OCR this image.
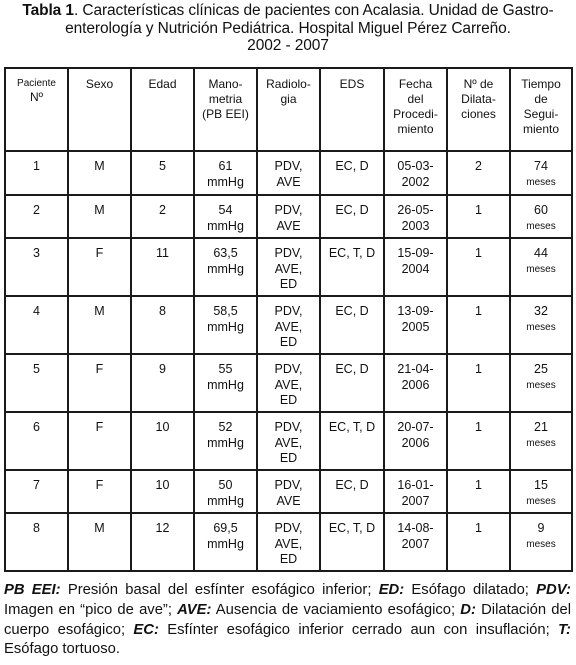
Tabla 1. Características clínicas de pacientes con Acalasia. Unidad de Gastro-
enterología y Nutrición Pediátrica. Hospital Miguel Pérez Carreño.
2002 - 2007
Paciente
Nº	Sexo	Edad	Mano-
metria
(PB EEI)	Radiolo-
gia	EDS	Fecha
del
Procedi-
miento	Nº de
Dilata-
ciones	Tiempo
de
Segui-
miento

1	M	5	61
mmHg	PDV,
AVE	EC, D	05-03-
2002	2	74
meses

2	M	2	54
mmHg	PDV,
AVE	EC, D	26-05-
2003	1	60
meses

3	F	11	63,5
mmHg	PDV,
AVE,
ED	EC, T, D	15-09-
2004	1	44
meses

4	M	8	58,5
mmHg	PDV,
AVE,
ED	EC, D	13-09-
2005	1	32
meses

5	F	9	55
mmHg	PDV,
AVE,
ED	EC, D	21-04-
2006	1	25
meses

6	F	10	52
mmHg	PDV,
AVE,
ED	EC, T, D	20-07-
2006	1	21
meses

7	F	10	50
mmHg	PDV,
AVE	EC, D	16-01-
2007	1	15
meses

8	M	12	69,5
mmHg	PDV,
AVE,
ED	EC, T, D	14-08-
2007	1	9
meses
PB EEI: Presión basal del esfínter esofágico inferior; ED: Esófago dilatado; PDV: Imagen en “pico de ave”; AVE: Ausencia de vaciamiento esofágico; D: Dilatación del cuerpo esofágico; EC: Esfínter esofágico inferior cerrado aun con insuflación; T: Esófago tortuoso.
